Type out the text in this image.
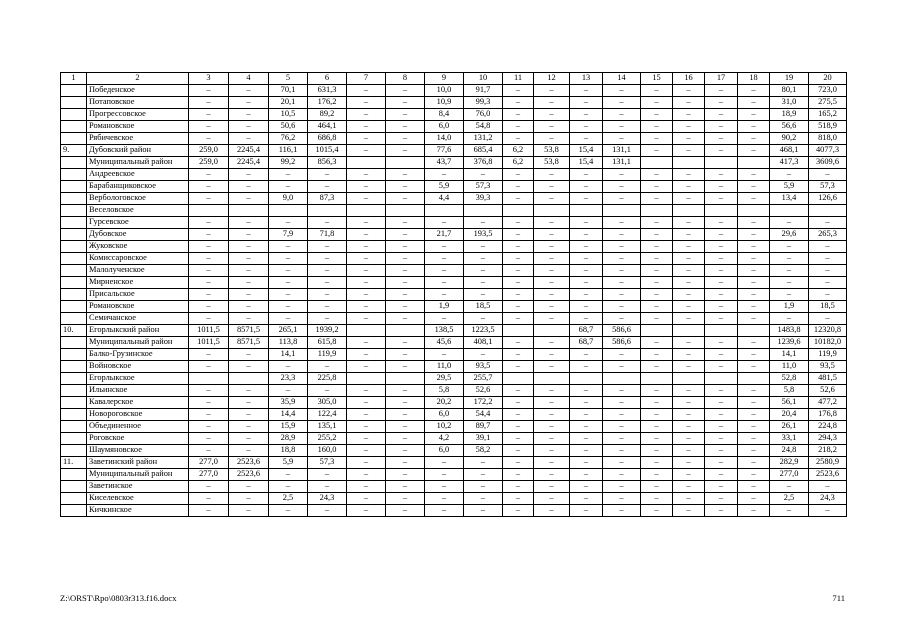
1	2	3	4	5	6	7	8	9	10	11	12	13	14	15	16	17	18	19	20
	Победенское	–	–	70,1	631,3	–	–	10,0	91,7	–	–	–	–	–	–	–	–	80,1	723,0
	Потаповское	–	–	20,1	176,2	–	–	10,9	99,3	–	–	–	–	–	–	–	–	31,0	275,5
	Прогрессовское	–	–	10,5	89,2	–	–	8,4	76,0	–	–	–	–	–	–	–	–	18,9	165,2
	Романовское	–	–	50,6	464,1	–	–	6,0	54,8	–	–	–	–	–	–	–	–	56,6	518,9
	Рябичевское	–	–	76,2	686,8	–	–	14,0	131,2	–	–	–	–	–	–	–	–	90,2	818,0
9.	Дубовский район	259,0	2245,4	116,1	1015,4	–	–	77,6	685,4	6,2	53,8	15,4	131,1	–	–	–	–	468,1	4077,3
	Муниципальный район	259,0	2245,4	99,2	856,3			43,7	376,8	6,2	53,8	15,4	131,1					417,3	3609,6
	Андреевское	–	–	–	–	–	–	–	–	–	–	–	–	–	–	–	–	–	–
	Барабанщиковское	–	–	–	–	–	–	5,9	57,3	–	–	–	–	–	–	–	–	5,9	57,3
	Вербологовское	–	–	9,0	87,3	–	–	4,4	39,3	–	–	–	–	–	–	–	–	13,4	126,6
	Веселовское																		
	Гурсевское	–	–	–	–	–	–	–	–	–	–	–	–	–	–	–	–	–	–
	Дубовское	–	–	7,9	71,8	–	–	21,7	193,5	–	–	–	–	–	–	–	–	29,6	265,3
	Жуковское	–	–	–	–	–	–	–	–	–	–	–	–	–	–	–	–	–	–
	Комиссаровское	–	–	–	–	–	–	–	–	–	–	–	–	–	–	–	–	–	–
	Малолученское	–	–	–	–	–	–	–	–	–	–	–	–	–	–	–	–	–	–
	Мирненское	–	–	–	–	–	–	–	–	–	–	–	–	–	–	–	–	–	–
	Присальское	–	–	–	–	–	–	–	–	–	–	–	–	–	–	–	–	–	–
	Романовское	–	–	–	–	–	–	1,9	18,5	–	–	–	–	–	–	–	–	1,9	18,5
	Семичанское	–	–	–	–	–	–	–	–	–	–	–	–	–	–	–	–	–	–
10.	Егорлыкский район	1011,5	8571,5	265,1	1939,2			138,5	1223,5			68,7	586,6					1483,8	12320,8
	Муниципальный район	1011,5	8571,5	113,8	615,8	–	–	45,6	408,1	–	–	68,7	586,6	–	–	–	–	1239,6	10182,0
	Балко-Грузинское	–	–	14,1	119,9	–	–	–	–	–	–	–	–	–	–	–	–	14,1	119,9
	Войновское	–	–	–	–	–	–	11,0	93,5	–	–	–	–	–	–	–	–	11,0	93,5
	Егорлыкское			23,3	225,8			29,5	255,7									52,8	481,5
	Ильинское	–	–	–	–	–	–	5,8	52,6	–	–	–	–	–	–	–	–	5,8	52,6
	Кавалерское	–	–	35,9	305,0	–	–	20,2	172,2	–	–	–	–	–	–	–	–	56,1	477,2
	Новороговское	–	–	14,4	122,4	–	–	6,0	54,4	–	–	–	–	–	–	–	–	20,4	176,8
	Объединенное	–	–	15,9	135,1	–	–	10,2	89,7	–	–	–	–	–	–	–	–	26,1	224,8
	Роговское	–	–	28,9	255,2	–	–	4,2	39,1	–	–	–	–	–	–	–	–	33,1	294,3
	Шаумяновское	–	–	18,8	160,0	–	–	6,0	58,2	–	–	–	–	–	–	–	–	24,8	218,2
11.	Заветинский район	277,0	2523,6	5,9	57,3	–	–	–	–	–	–	–	–	–	–	–	–	282,9	2580,9
	Муниципальный район	277,0	2523,6	–	–	–	–	–	–	–	–	–	–	–	–	–	–	277,0	2523,6
	Заветинское	–	–	–	–	–	–	–	–	–	–	–	–	–	–	–	–	–	–
	Киселевское	–	–	2,5	24,3	–	–	–	–	–	–	–	–	–	–	–	–	2,5	24,3
	Кичкинское	–	–	–	–	–	–	–	–	–	–	–	–	–	–	–	–	–	–
Z:\ORST\Rpo\0803r313.f16.docx	711
